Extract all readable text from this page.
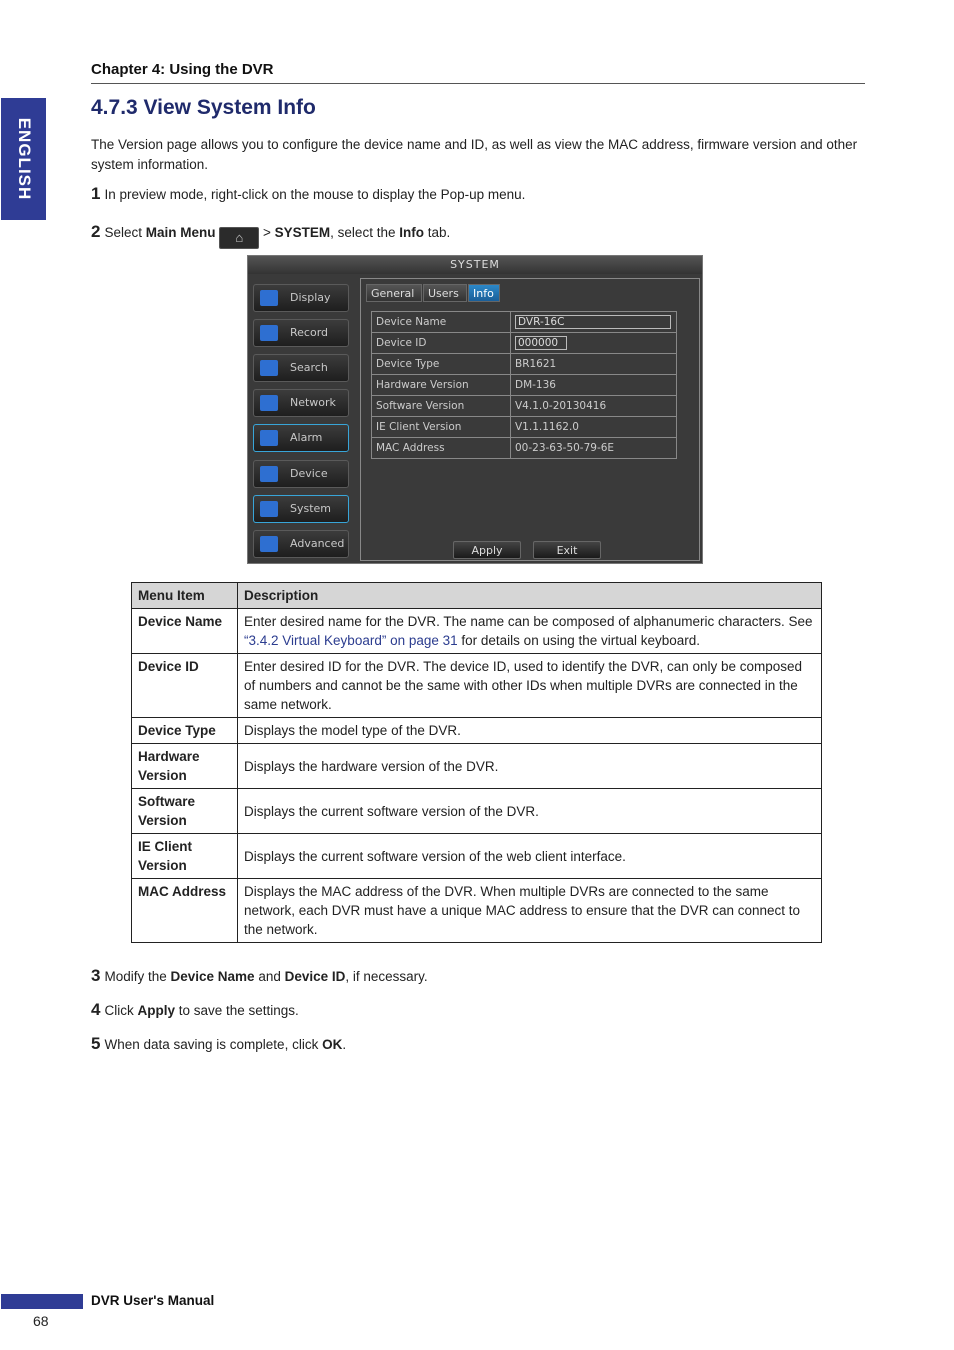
ENGLISH
Chapter 4: Using the DVR
4.7.3 View System Info
The Version page allows you to configure the device name and ID, as well as view the MAC address, firmware version and other system information.
1 In preview mode, right-click on the mouse to display the Pop-up menu.
2 Select Main Menu ⌂ > SYSTEM, select the Info tab.
SYSTEM
Display
Record
Search
Network
Alarm
Device
System
Advanced
General	Users	Info
Device Name	DVR-16C
Device ID	000000
Device Type	BR1621
Hardware Version	DM-136
Software Version	V4.1.0-20130416
IE Client Version	V1.1.1162.0
MAC Address	00-23-63-50-79-6E
Apply	Exit
Menu Item	Description
Device Name	Enter desired name for the DVR. The name can be composed of alphanumeric characters. See “3.4.2 Virtual Keyboard” on page 31 for details on using the virtual keyboard.
Device ID	Enter desired ID for the DVR. The device ID, used to identify the DVR, can only be composed of numbers and cannot be the same with other IDs when multiple DVRs are connected in the same network.
Device Type	Displays the model type of the DVR.
Hardware Version	Displays the hardware version of the DVR.
Software Version	Displays the current software version of the DVR.
IE Client Version	Displays the current software version of the web client interface.
MAC Address	Displays the MAC address of the DVR. When multiple DVRs are connected to the same network, each DVR must have a unique MAC address to ensure that the DVR can connect to the network.
3 Modify the Device Name and Device ID, if necessary.
4 Click Apply to save the settings.
5 When data saving is complete, click OK.
DVR User's Manual
68
